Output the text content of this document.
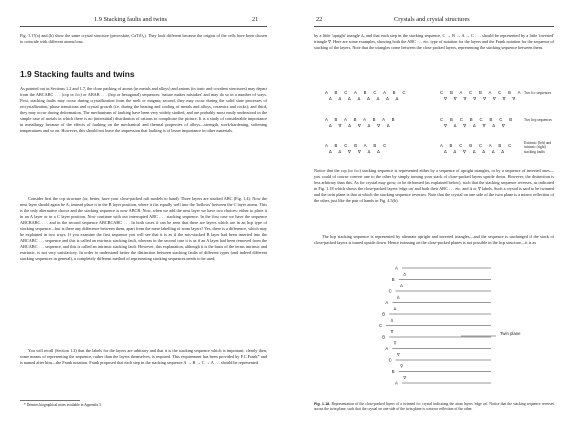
1.9 Stacking faults and twins	21

Fig. 1.17(a) and (b) show the same crystal structure (perovskite, CaTiO₃). They look different because the origins of the cells have been chosen to coincide with different atoms/ions.

1.9 Stacking faults and twins

As pointed out in Sections 1.2 and 1.7, the close packing of atoms (in metals and alloys) and anions (in ionic and covalent structures) may depart from the ABCABC . . . (ccp or fcc) or ABAB . . . (hcp or hexagonal) sequences: 'nature makes mistakes' and may do so in a number of ways. First, stacking faults may occur during crystallization from the melt or magma; second, they may occur during the solid state processes of recrystallization, phase transitions and crystal growth (i.e. during the heating and cooling of metals and alloys, ceramics and rocks); and third, they may occur during deformation. The mechanisms of faulting have been very widely studied, and are probably most easily understood in the simple case of metals in which there is no (interstitial) distribution of cations to complicate the picture. It is a study of considerable importance in metallurgy because of the effects of faulting on the mechanical and thermal properties of alloys—strength, work-hardening, softening temperatures and so on. However, this should not leave the impression that faulting is of lesser importance in other materials.

Consider first the ccp structure (or, better, have your close-packed raft models to hand). Three layers are stacked ABC (Fig. 1.4). Now the next layer should again be A; instead place it in the B layer position, where it fits equally well into the 'hollows' between the C layer atoms. This is the only alternative choice and the stacking sequence is now ABCB. Now, when we add the next layer we have two choices: either to place it in an A layer or in a C layer position. Now continue with our interrupted ABC . . . stacking sequence. In the first case we have the sequence ABCBABC . . . and in the second sequence ABCBCABC . . . In both cases it can be seen that there are layers which are in an hcp type of stacking sequence—but is there any difference between them, apart from the mere labelling of atom layers? Yes, there is a difference, which may be explained in two ways. If you examine the first sequence you will see that it is as if the mis-stacked B layer had been inserted into the ABCABC . . . sequence and this is called an extrinsic stacking fault, whereas in the second case it is as if an A layer had been removed from the ABCABC . . . sequence, and this is called an intrinsic stacking fault. However, this explanation, although it is the basis of the terms intrinsic and extrinsic, is not very satisfactory. In order to understand better the distinction between stacking faults of different types (and indeed different stacking sequences in general), a completely different method of representing stacking sequences needs to be used.

You will recall (Section 1.2) that the labels for the layers are arbitrary and that it is the stacking sequence which is important; clearly then, some means of representing the sequence, rather than the layers themselves, is required. This requirement has been provided by F.C.Frank* and is named after him—the Frank notation. Frank proposed that each step in the stacking sequence A → B → C → A . . . should be represented

* Denotes biographical notes available in Appendix 3.
22	Crystals and crystal structures

by a little 'upright' triangle ∆, and that each step in the stacking sequence, C → B → A → C . . . should be represented by a little 'inverted' triangle ∇. Here are some examples, showing both the ABC . . . etc. type of notation for the layers and the Frank notation for the sequence of stacking of the layers. Note that the triangles come between the close packed layers, representing the stacking sequence between them.

A B C A B C A B C
∆ ∆ ∆ ∆ ∆ ∆ ∆ ∆
C B A C B A C B A
∇ ∇ ∇ ∇ ∇ ∇ ∇ ∇
Two fcc sequences
A B A B A B A B
∆ ∇ ∆ ∇ ∆ ∇ ∆
C B C B C B C B
∇ ∆ ∇ ∆ ∇ ∆ ∇
Two hcp sequences
A B C B A B C
∆ ∆ ∇ ∇ ∆ ∆
A B C B C A B C
∆ ∆ ∇ ∆ ∆ ∆ ∆
Extrinsic (left) and
intrinsic (right)
stacking faults

Notice that the ccp (or fcc) stacking sequence is represented either by a sequence of upright triangles, or by a sequence of inverted ones—you could of course convert one to the other by simply turning your stack of close-packed layers upside down. However, the distinction is less arbitrary than this. As for crystal may grow, or be deformed (as explained below), such that the stacking sequence reverses, as indicated in Fig. 1.18 which shows the close-packed layers 'edge on' and both their ABC . . . etc. and ∆ or ∇ labels. Such a crystal is said to be twinned and the twin plane is that at which the stacking sequence reverses. Note that the crystal on one side of the twin plane is a mirror reflection of the other, just like the pair of hands in Fig. 4.5(b).

The hcp stacking sequence is represented by alternate upright and inverted triangles—and the sequence is unchanged if the stack of close-packed layers is turned upside down. Hence twinning on the close-packed planes is not possible in the hcp structure—it is as

A
B
C
A
B
C
B
A
C
B
A
∆
∆
∆
∆
∆
∇
∇
∇
∇
∇
Twin plane

Fig. 1.18. Representation of the close-packed layers of a twinned fcc crystal indicating the atom layers 'edge on'. Notice that the stacking sequence reverses across the twin plane, such that the crystal on one side of the twin plane is a mirror reflection of the other.
